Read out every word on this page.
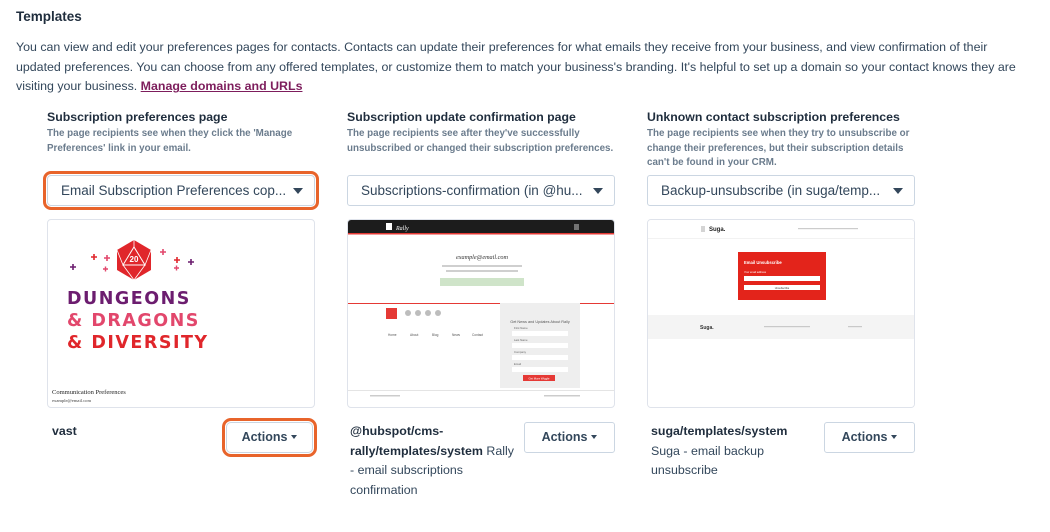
Templates
You can view and edit your preferences pages for contacts. Contacts can update their preferences for what emails they receive from your business, and view confirmation of their updated preferences. You can choose from any offered templates, or customize them to match your business's branding. It's helpful to set up a domain so your contact knows they are visiting your business. Manage domains and URLs
Subscription preferences page
The page recipients see when they click the 'Manage Preferences' link in your email.
Email Subscription Preferences cop...
20
DUNGEONS
& DRAGONS
& DIVERSITY
Communication Preferences
example@email.com
vast	Actions
Subscription update confirmation page
The page recipients see after they've successfully unsubscribed or changed their subscription preferences.
Subscriptions-confirmation (in @hu...
Rally
example@email.com
Get News and Updates About Rally
First Name
Last Name
Company
Email
Get More Wiggle
Home	About	Blog	News	Contact
@hubspot/cms-rally/templates/system Rally - email subscriptions confirmation
Actions
Unknown contact subscription preferences
The page recipients see when they try to unsubscribe or change their preferences, but their subscription details can't be found in your CRM.
Backup-unsubscribe (in suga/temp...
Suga.
Email Unsubscribe
Your email address
Unsubscribe
Suga.
suga/templates/system Suga - email backup unsubscribe
Actions
